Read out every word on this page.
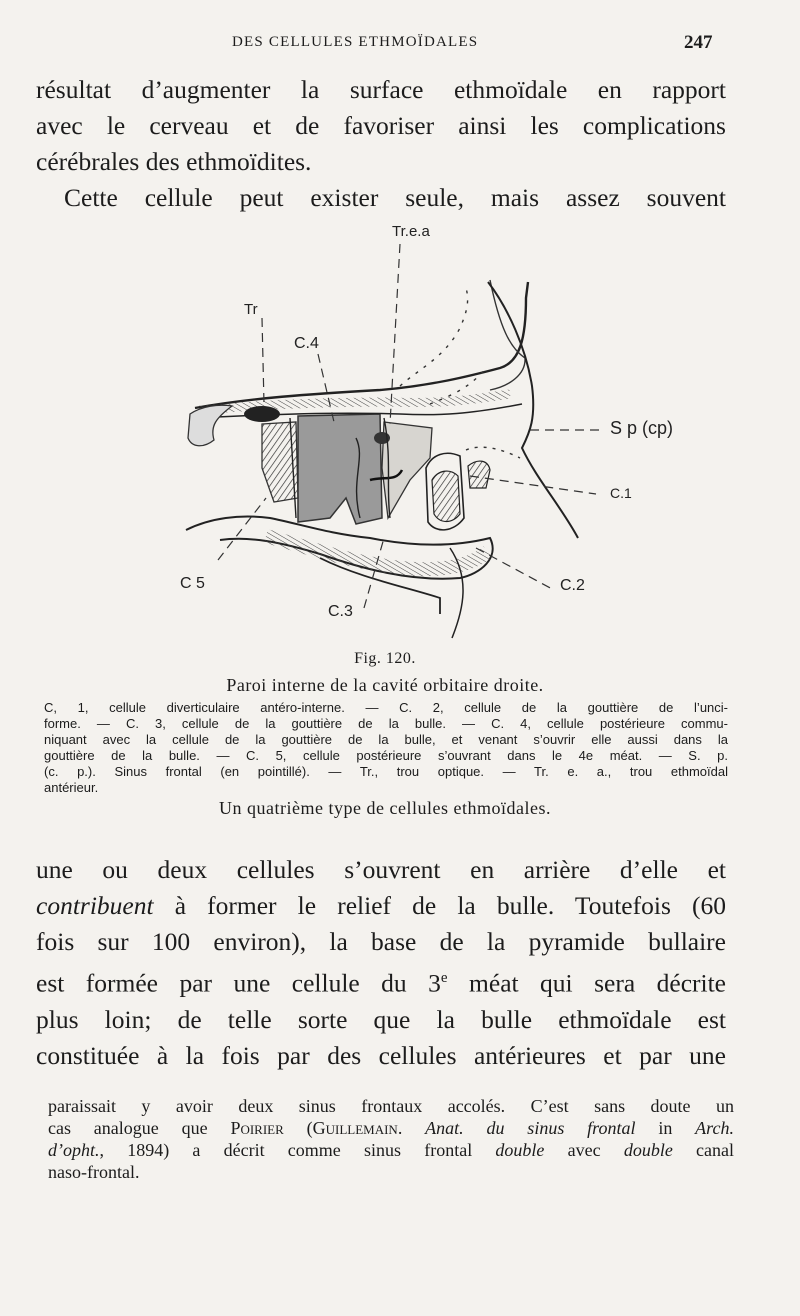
DES CELLULES ETHMOÏDALES	247
résultat d’augmenter la surface ethmoïdale en rapport
avec le cerveau et de favoriser ainsi les complications
cérébrales des ethmoïdites.
Cette cellule peut exister seule, mais assez souvent
Tr.e.a
Tr
C.4
S p (cp)
C.1
C 5
C.3
C.2
Fig. 120.
Paroi interne de la cavité orbitaire droite.
C, 1, cellule diverticulaire antéro-interne. — C. 2, cellule de la gouttière de l’unci-
forme. — C. 3, cellule de la gouttière de la bulle. — C. 4, cellule postérieure commu-
niquant avec la cellule de la gouttière de la bulle, et venant s’ouvrir elle aussi dans la
gouttière de la bulle. — C. 5, cellule postérieure s’ouvrant dans le 4e méat. — S. p.
(c. p.). Sinus frontal (en pointillé). — Tr., trou optique. — Tr. e. a., trou ethmoïdal
antérieur.
Un quatrième type de cellules ethmoïdales.
une ou deux cellules s’ouvrent en arrière d’elle et
contribuent à former le relief de la bulle. Toutefois (60
fois sur 100 environ), la base de la pyramide bullaire
est formée par une cellule du 3e méat qui sera décrite
plus loin; de telle sorte que la bulle ethmoïdale est
constituée à la fois par des cellules antérieures et par une
paraissait y avoir deux sinus frontaux accolés. C’est sans doute un
cas analogue que Poirier (Guillemain. Anat. du sinus frontal in Arch.
d’opht., 1894) a décrit comme sinus frontal double avec double canal
naso-frontal.
